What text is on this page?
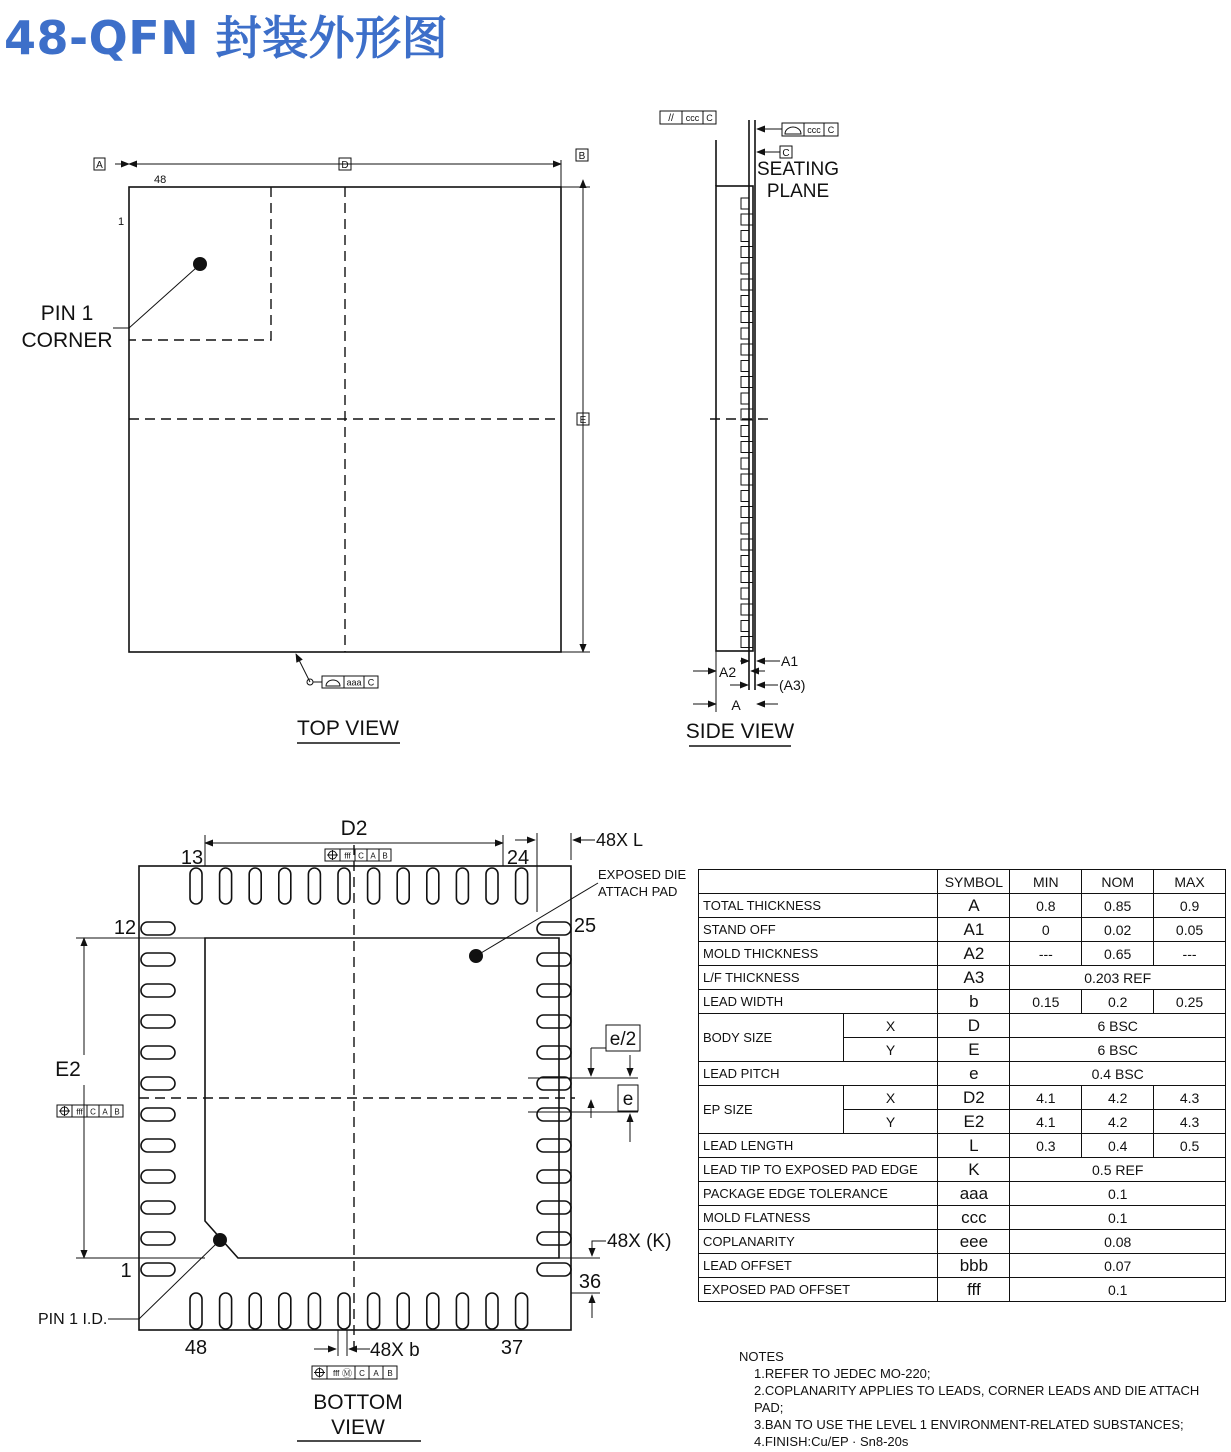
48-QFN 封装外形图
PIN 1
CORNER
48
1
A	D
B
E
aaa C
TOP VIEW
// ccc C
ccc C
C
SEATING
PLANE
A1
A2
(A3)
A
SIDE VIEW
EXPOSED DIE
ATTACH PAD
PIN 1 I.D.
D2
fff C A B
E2
fff C A B
13	24
12	25
1	36
48	37
48X L
e/2
e
48X (K)
48X b
fff Ⓜ C A B
BOTTOM
VIEW
		SYMBOL	MIN	NOM	MAX
TOTAL THICKNESS		A	0.8	0.85	0.9
STAND OFF		A1	0	0.02	0.05
MOLD THICKNESS		A2	---	0.65	---
L/F THICKNESS		A3	0.203 REF		
LEAD WIDTH		b	0.15	0.2	0.25
BODY SIZE	X	D	6 BSC		
	Y	E	6 BSC		
LEAD PITCH		e	0.4 BSC		
EP SIZE	X	D2	4.1	4.2	4.3
	Y	E2	4.1	4.2	4.3
LEAD LENGTH		L	0.3	0.4	0.5
LEAD TIP TO EXPOSED PAD EDGE		K	0.5 REF		
PACKAGE EDGE TOLERANCE		aaa	0.1		
MOLD FLATNESS		ccc	0.1		
COPLANARITY		eee	0.08		
LEAD OFFSET		bbb	0.07		
EXPOSED PAD OFFSET		fff	0.1		
NOTES
1.REFER TO JEDEC MO-220;
2.COPLANARITY APPLIES TO LEADS, CORNER LEADS AND DIE ATTACH PAD;
3.BAN TO USE THE LEVEL 1 ENVIRONMENT-RELATED SUBSTANCES;
4.FINISH:Cu/EP · Sn8-20s
